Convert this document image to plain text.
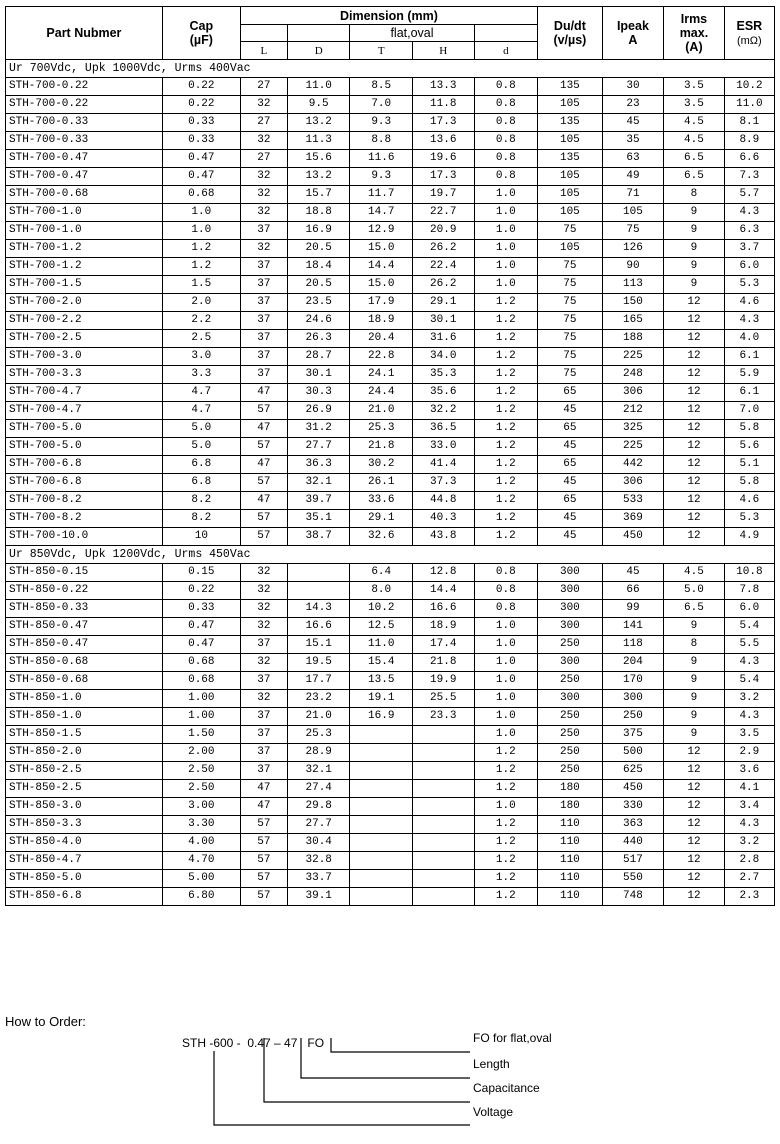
Part Nubmer	Cap
(µF)	Dimension (mm)					Du/dt
(v/µs)	Ipeak
A	Irms
max.
(A)	ESR
(mΩ)
				flat,oval						
		L	D	T	H	d				
Ur 700Vdc, Upk 1000Vdc, Urms 400Vac										
STH-700-0.22	0.22	27	11.0	8.5	13.3	0.8	135	30	3.5	10.2
STH-700-0.22	0.22	32	9.5	7.0	11.8	0.8	105	23	3.5	11.0
STH-700-0.33	0.33	27	13.2	9.3	17.3	0.8	135	45	4.5	8.1
STH-700-0.33	0.33	32	11.3	8.8	13.6	0.8	105	35	4.5	8.9
STH-700-0.47	0.47	27	15.6	11.6	19.6	0.8	135	63	6.5	6.6
STH-700-0.47	0.47	32	13.2	9.3	17.3	0.8	105	49	6.5	7.3
STH-700-0.68	0.68	32	15.7	11.7	19.7	1.0	105	71	8	5.7
STH-700-1.0	1.0	32	18.8	14.7	22.7	1.0	105	105	9	4.3
STH-700-1.0	1.0	37	16.9	12.9	20.9	1.0	75	75	9	6.3
STH-700-1.2	1.2	32	20.5	15.0	26.2	1.0	105	126	9	3.7
STH-700-1.2	1.2	37	18.4	14.4	22.4	1.0	75	90	9	6.0
STH-700-1.5	1.5	37	20.5	15.0	26.2	1.0	75	113	9	5.3
STH-700-2.0	2.0	37	23.5	17.9	29.1	1.2	75	150	12	4.6
STH-700-2.2	2.2	37	24.6	18.9	30.1	1.2	75	165	12	4.3
STH-700-2.5	2.5	37	26.3	20.4	31.6	1.2	75	188	12	4.0
STH-700-3.0	3.0	37	28.7	22.8	34.0	1.2	75	225	12	6.1
STH-700-3.3	3.3	37	30.1	24.1	35.3	1.2	75	248	12	5.9
STH-700-4.7	4.7	47	30.3	24.4	35.6	1.2	65	306	12	6.1
STH-700-4.7	4.7	57	26.9	21.0	32.2	1.2	45	212	12	7.0
STH-700-5.0	5.0	47	31.2	25.3	36.5	1.2	65	325	12	5.8
STH-700-5.0	5.0	57	27.7	21.8	33.0	1.2	45	225	12	5.6
STH-700-6.8	6.8	47	36.3	30.2	41.4	1.2	65	442	12	5.1
STH-700-6.8	6.8	57	32.1	26.1	37.3	1.2	45	306	12	5.8
STH-700-8.2	8.2	47	39.7	33.6	44.8	1.2	65	533	12	4.6
STH-700-8.2	8.2	57	35.1	29.1	40.3	1.2	45	369	12	5.3
STH-700-10.0	10	57	38.7	32.6	43.8	1.2	45	450	12	4.9
Ur 850Vdc, Upk 1200Vdc, Urms 450Vac										
STH-850-0.15	0.15	32		6.4	12.8	0.8	300	45	4.5	10.8
STH-850-0.22	0.22	32		8.0	14.4	0.8	300	66	5.0	7.8
STH-850-0.33	0.33	32	14.3	10.2	16.6	0.8	300	99	6.5	6.0
STH-850-0.47	0.47	32	16.6	12.5	18.9	1.0	300	141	9	5.4
STH-850-0.47	0.47	37	15.1	11.0	17.4	1.0	250	118	8	5.5
STH-850-0.68	0.68	32	19.5	15.4	21.8	1.0	300	204	9	4.3
STH-850-0.68	0.68	37	17.7	13.5	19.9	1.0	250	170	9	5.4
STH-850-1.0	1.00	32	23.2	19.1	25.5	1.0	300	300	9	3.2
STH-850-1.0	1.00	37	21.0	16.9	23.3	1.0	250	250	9	4.3
STH-850-1.5	1.50	37	25.3			1.0	250	375	9	3.5
STH-850-2.0	2.00	37	28.9			1.2	250	500	12	2.9
STH-850-2.5	2.50	37	32.1			1.2	250	625	12	3.6
STH-850-2.5	2.50	47	27.4			1.2	180	450	12	4.1
STH-850-3.0	3.00	47	29.8			1.0	180	330	12	3.4
STH-850-3.3	3.30	57	27.7			1.2	110	363	12	4.3
STH-850-4.0	4.00	57	30.4			1.2	110	440	12	3.2
STH-850-4.7	4.70	57	32.8			1.2	110	517	12	2.8
STH-850-5.0	5.00	57	33.7			1.2	110	550	12	2.7
STH-850-6.8	6.80	57	39.1			1.2	110	748	12	2.3
How to Order:
STH -600 -  0.47 – 47   FO	FO for flat,oval
Length
Capacitance
Voltage
